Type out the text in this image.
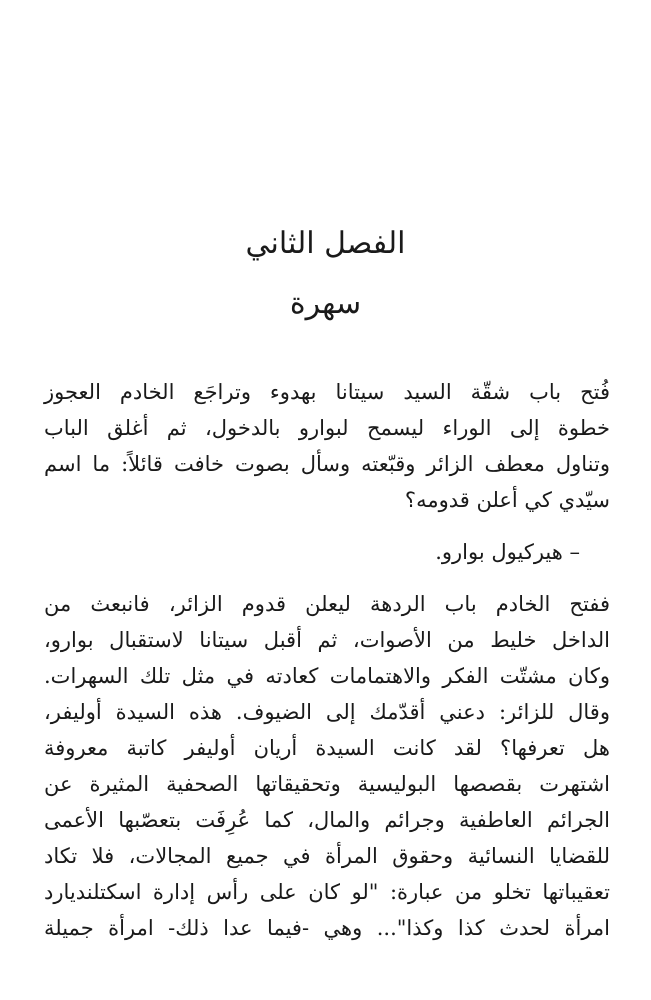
الفصل الثاني
سهرة
فُتح باب شقّة السيد سيتانا بهدوء وتراجَع الخادم العجوز
خطوة إلى الوراء ليسمح لبوارو بالدخول، ثم أغلق الباب
وتناول معطف الزائر وقبّعته وسأل بصوت خافت قائلاً: ما اسم
سيّدي كي أعلن قدومه؟
– هيركيول بوارو.
ففتح الخادم باب الردهة ليعلن قدوم الزائر، فانبعث من
الداخل خليط من الأصوات، ثم أقبل سيتانا لاستقبال بوارو،
وكان مشتّت الفكر والاهتمامات كعادته في مثل تلك السهرات.
وقال للزائر: دعني أقدّمك إلى الضيوف. هذه السيدة أوليفر،
هل تعرفها؟ لقد كانت السيدة أريان أوليفر كاتبة معروفة
اشتهرت بقصصها البوليسية وتحقيقاتها الصحفية المثيرة عن
الجرائم العاطفية وجرائم والمال، كما عُرِفَت بتعصّبها الأعمى
للقضايا النسائية وحقوق المرأة في جميع المجالات، فلا تكاد
تعقيباتها تخلو من عبارة: "لو كان على رأس إدارة اسكتلنديارد
امرأة لحدث كذا وكذا"... وهي -فيما عدا ذلك- امرأة جميلة
